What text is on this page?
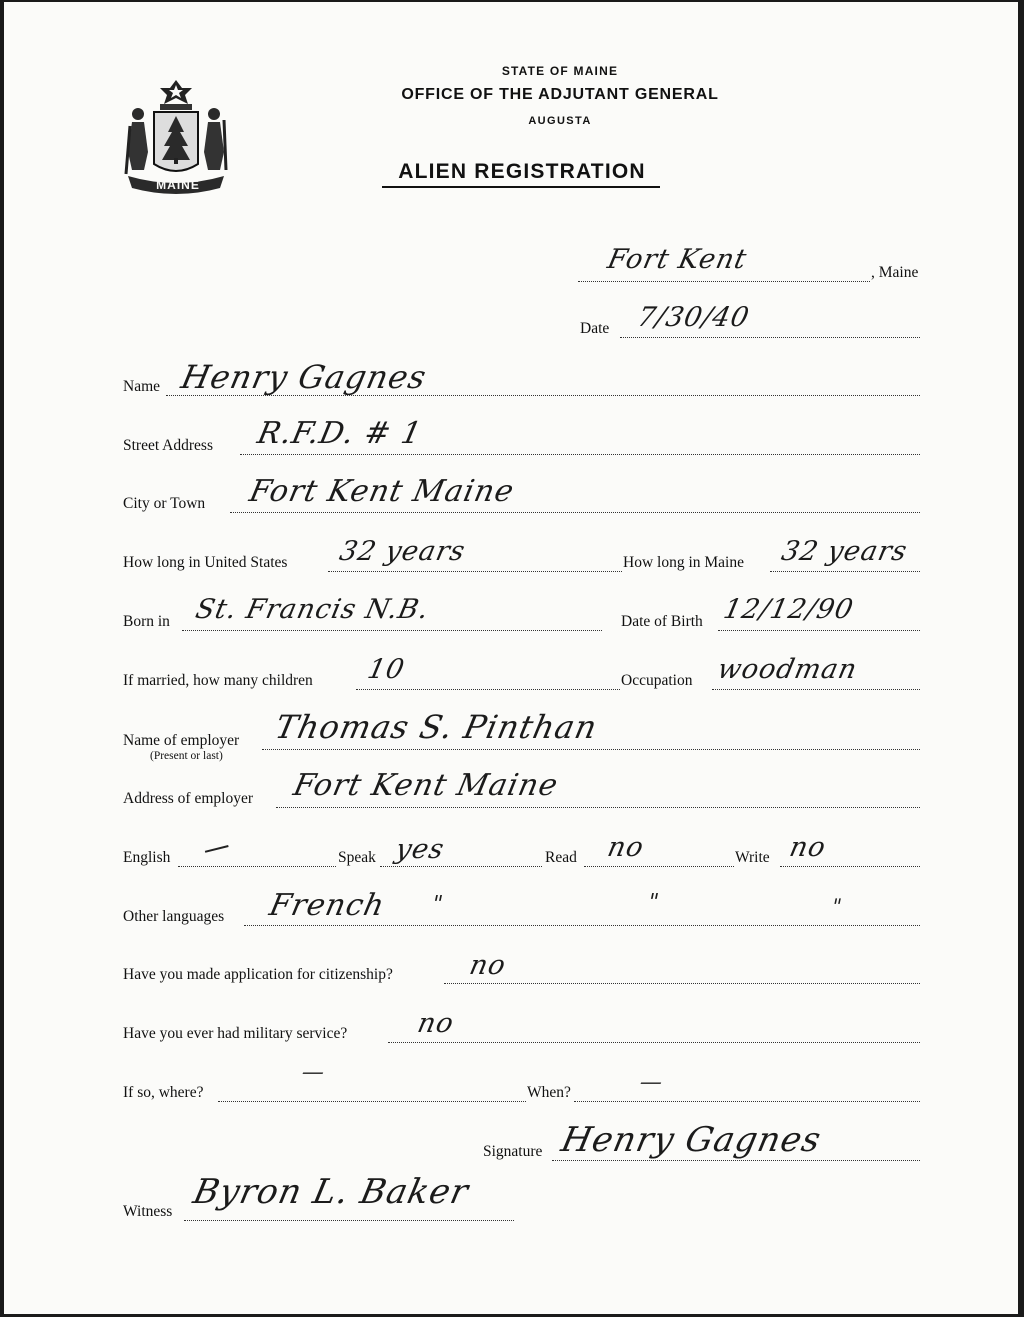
MAINE
STATE OF MAINE
OFFICE OF THE ADJUTANT GENERAL
AUGUSTA
ALIEN REGISTRATION
Fort Kent	, Maine
Date 7/30/40
Name Henry Gagnes
Street Address R.F.D. # 1
City or Town Fort Kent Maine
How long in United States 32 years	How long in Maine 32 years
Born in St. Francis N.B.	Date of Birth 12/12/90
If married, how many children 10	Occupation woodman
Name of employer
(Present or last)
Thomas S. Pinthan
Address of employer Fort Kent Maine
English	Speak yes	Read no	Write no
Other languages French "	"	"
Have you made application for citizenship?	no
Have you ever had military service? no
If so, where?
—
When?	—
Signature Henry Gagnes
Witness Byron L. Baker
